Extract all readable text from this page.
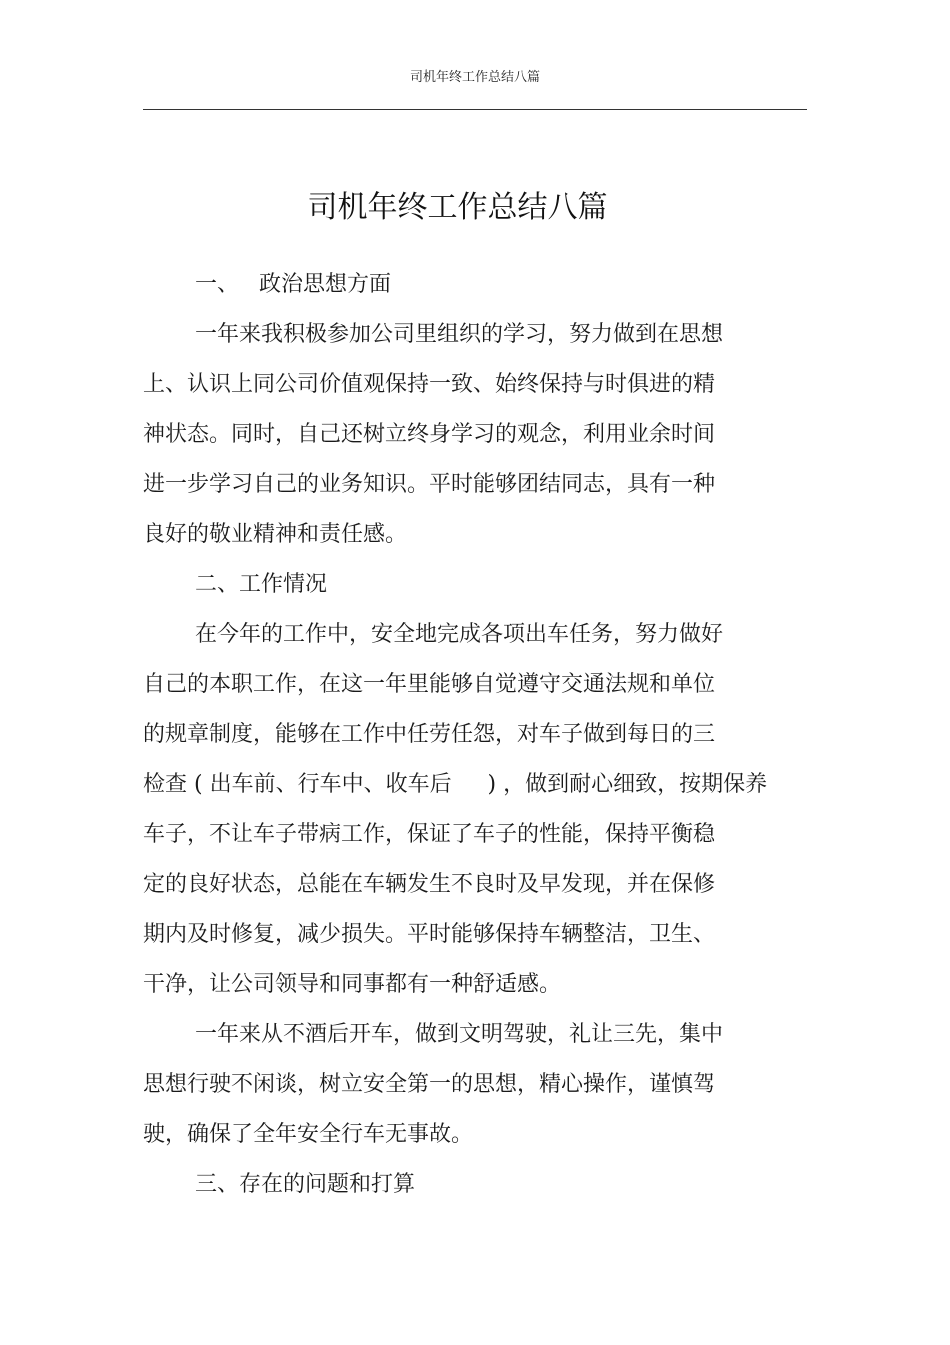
司机年终工作总结八篇
司机年终工作总结八篇
一、 政治思想方面
一年来我积极参加公司里组织的学习，努力做到在思想
上、认识上同公司价值观保持一致、始终保持与时俱进的精
神状态。同时，自己还树立终身学习的观念，利用业余时间
进一步学习自己的业务知识。平时能够团结同志，具有一种
良好的敬业精神和责任感。
二、工作情况
在今年的工作中，安全地完成各项出车任务，努力做好
自己的本职工作，在这一年里能够自觉遵守交通法规和单位
的规章制度，能够在工作中任劳任怨，对车子做到每日的三
检查 ( 出车前、行车中、收车后 　 ) ，做到耐心细致，按期保养
车子，不让车子带病工作，保证了车子的性能，保持平衡稳
定的良好状态，总能在车辆发生不良时及早发现，并在保修
期内及时修复，减少损失。平时能够保持车辆整洁，卫生、
干净，让公司领导和同事都有一种舒适感。
一年来从不酒后开车，做到文明驾驶，礼让三先，集中
思想行驶不闲谈，树立安全第一的思想，精心操作，谨慎驾
驶，确保了全年安全行车无事故。
三、存在的问题和打算
